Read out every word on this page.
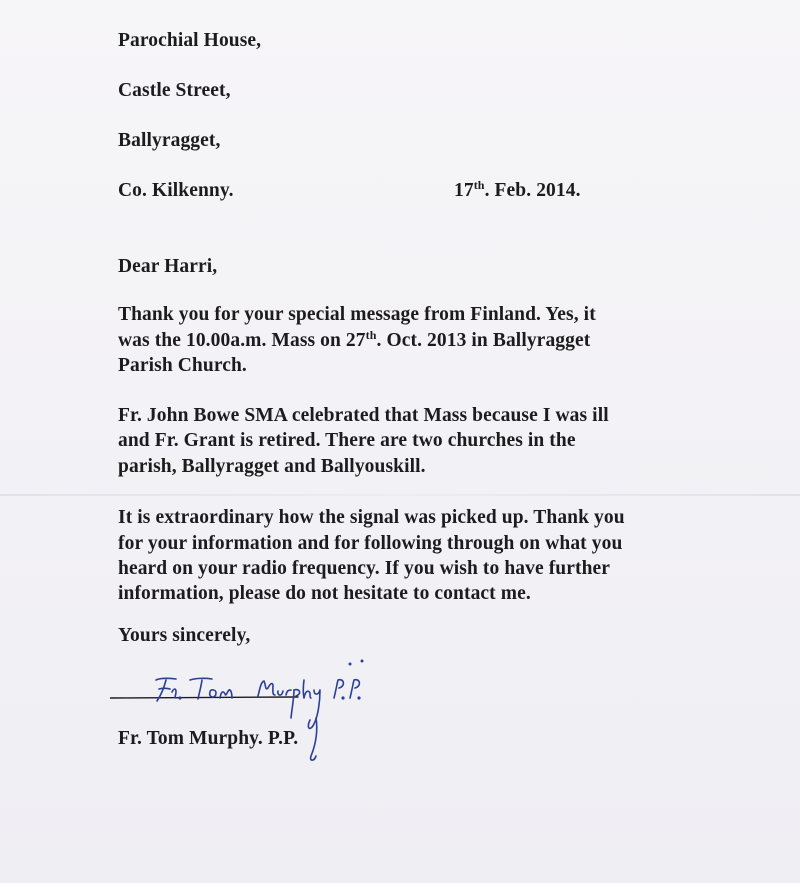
Parochial House,
Castle Street,
Ballyragget,
Co. Kilkenny.	17th. Feb. 2014.
Dear Harri,
Thank you for your special message from Finland. Yes, it
was the 10.00a.m. Mass on 27th. Oct. 2013 in Ballyragget
Parish Church.
Fr. John Bowe SMA celebrated that Mass because I was ill
and Fr. Grant is retired. There are two churches in the
parish, Ballyragget and Ballyouskill.
It is extraordinary how the signal was picked up. Thank you
for your information and for following through on what you
heard on your radio frequency. If you wish to have further
information, please do not hesitate to contact me.
Yours sincerely,
Fr. Tom Murphy. P.P.
